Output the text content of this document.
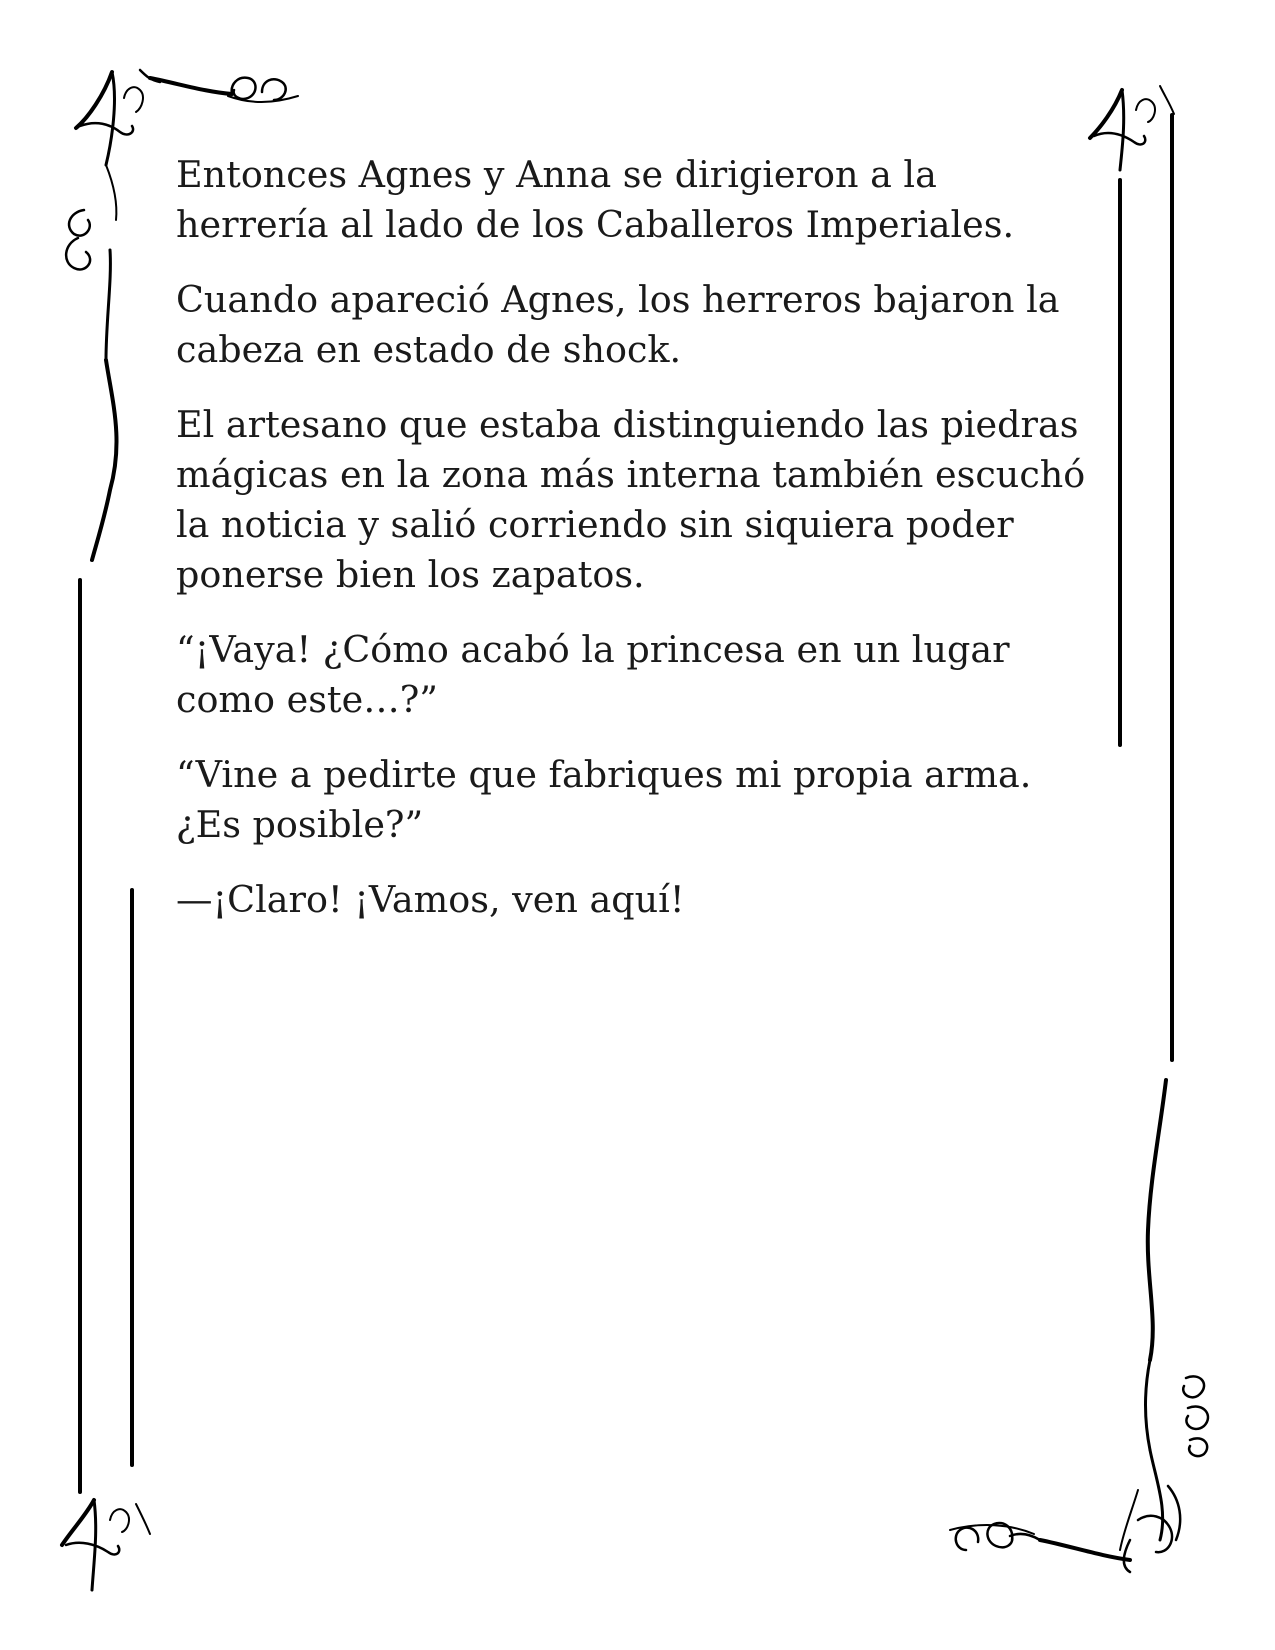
Entonces Agnes y Anna se dirigieron a la herrería al lado de los Caballeros Imperiales.

Cuando apareció Agnes, los herreros bajaron la cabeza en estado de shock.

El artesano que estaba distinguiendo las piedras mágicas en la zona más interna también escuchó la noticia y salió corriendo sin siquiera poder ponerse bien los zapatos.

“¡Vaya! ¿Cómo acabó la princesa en un lugar como este…?”

“Vine a pedirte que fabriques mi propia arma. ¿Es posible?”

—¡Claro! ¡Vamos, ven aquí!
